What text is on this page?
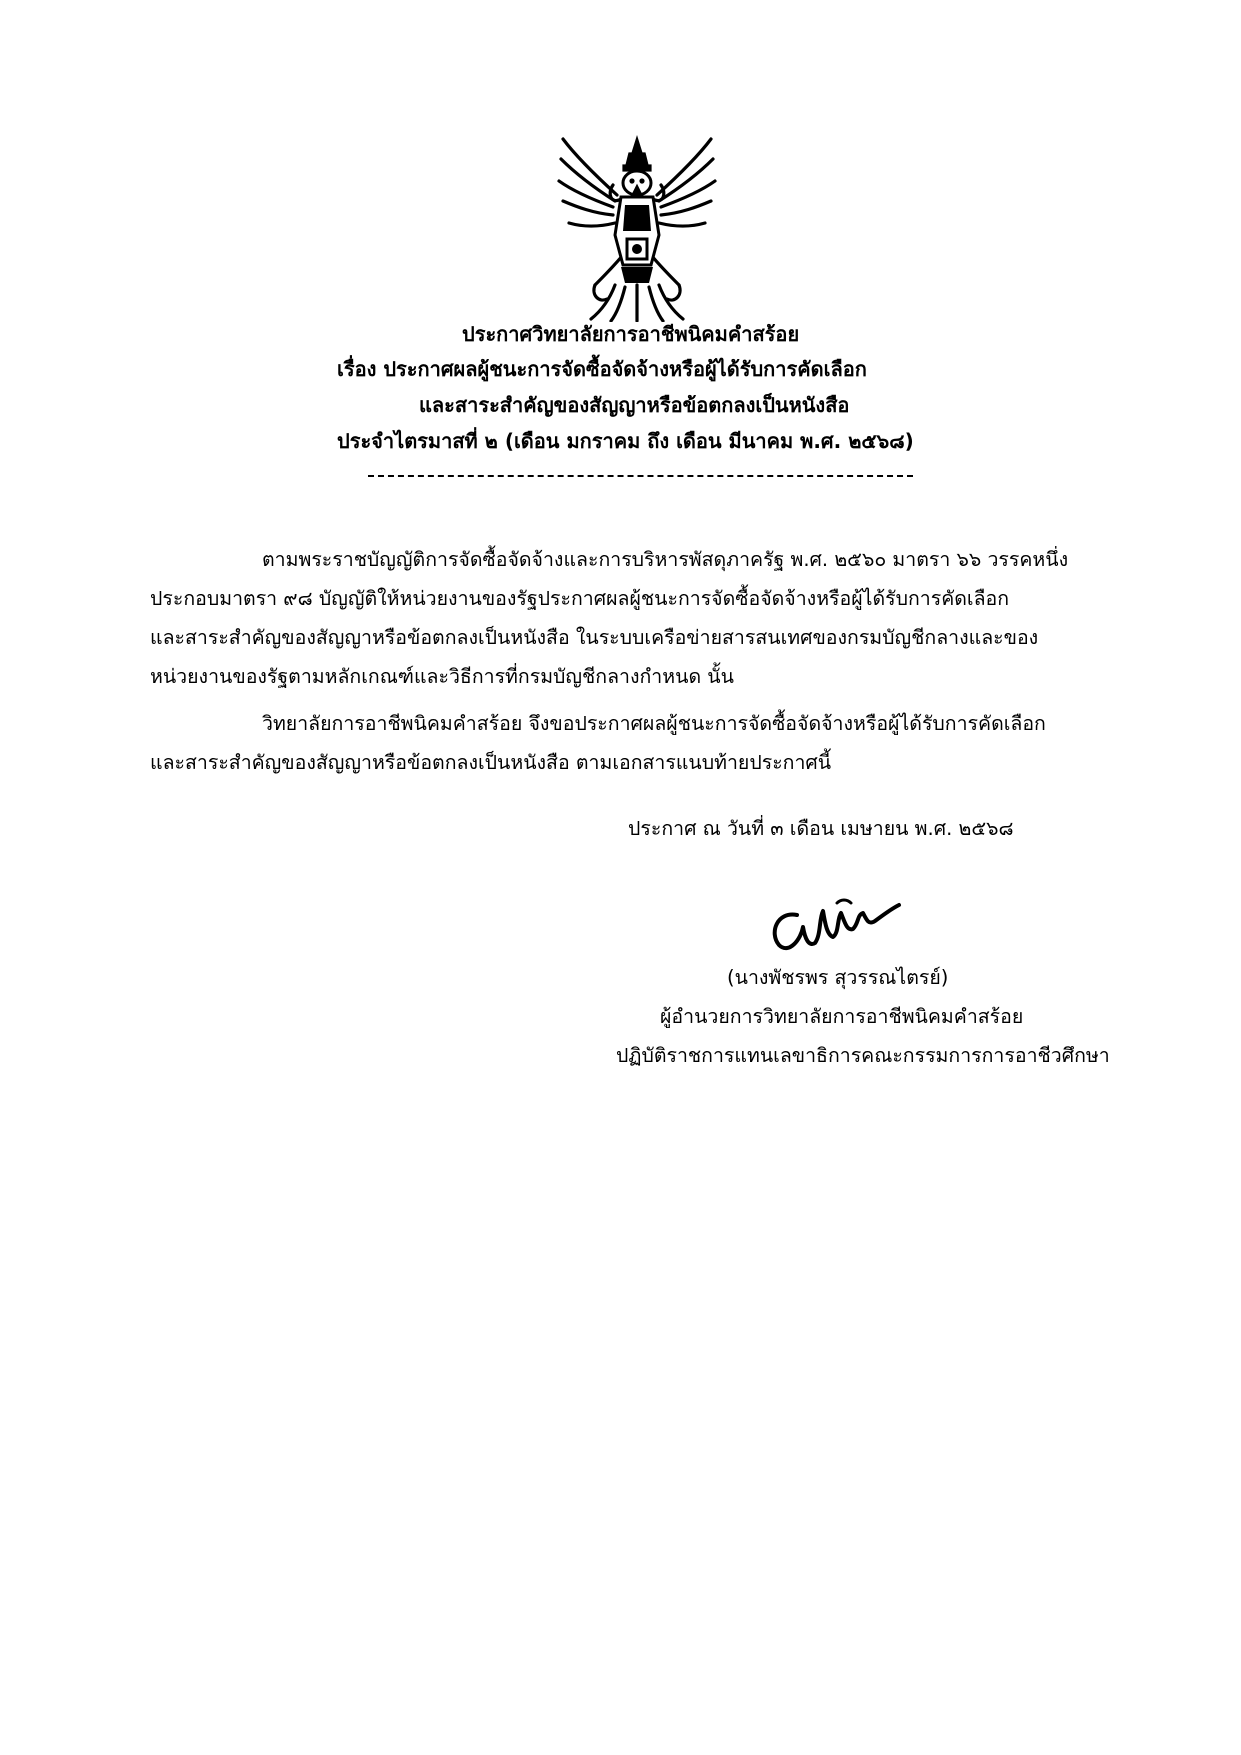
ประกาศวิทยาลัยการอาชีพนิคมคำสร้อย
เรื่อง ประกาศผลผู้ชนะการจัดซื้อจัดจ้างหรือผู้ได้รับการคัดเลือก
และสาระสำคัญของสัญญาหรือข้อตกลงเป็นหนังสือ
ประจำไตรมาสที่ ๒ (เดือน มกราคม ถึง เดือน มีนาคม พ.ศ. ๒๕๖๘)
ตามพระราชบัญญัติการจัดซื้อจัดจ้างและการบริหารพัสดุภาครัฐ พ.ศ. ๒๕๖๐ มาตรา ๖๖ วรรคหนึ่ง
ประกอบมาตรา ๙๘ บัญญัติให้หน่วยงานของรัฐประกาศผลผู้ชนะการจัดซื้อจัดจ้างหรือผู้ได้รับการคัดเลือก
และสาระสำคัญของสัญญาหรือข้อตกลงเป็นหนังสือ ในระบบเครือข่ายสารสนเทศของกรมบัญชีกลางและของ
หน่วยงานของรัฐตามหลักเกณฑ์และวิธีการที่กรมบัญชีกลางกำหนด นั้น
วิทยาลัยการอาชีพนิคมคำสร้อย จึงขอประกาศผลผู้ชนะการจัดซื้อจัดจ้างหรือผู้ได้รับการคัดเลือก
และสาระสำคัญของสัญญาหรือข้อตกลงเป็นหนังสือ ตามเอกสารแนบท้ายประกาศนี้
ประกาศ ณ วันที่ ๓ เดือน เมษายน พ.ศ. ๒๕๖๘
(นางพัชรพร สุวรรณไตรย์)
ผู้อำนวยการวิทยาลัยการอาชีพนิคมคำสร้อย
ปฏิบัติราชการแทนเลขาธิการคณะกรรมการการอาชีวศึกษา
